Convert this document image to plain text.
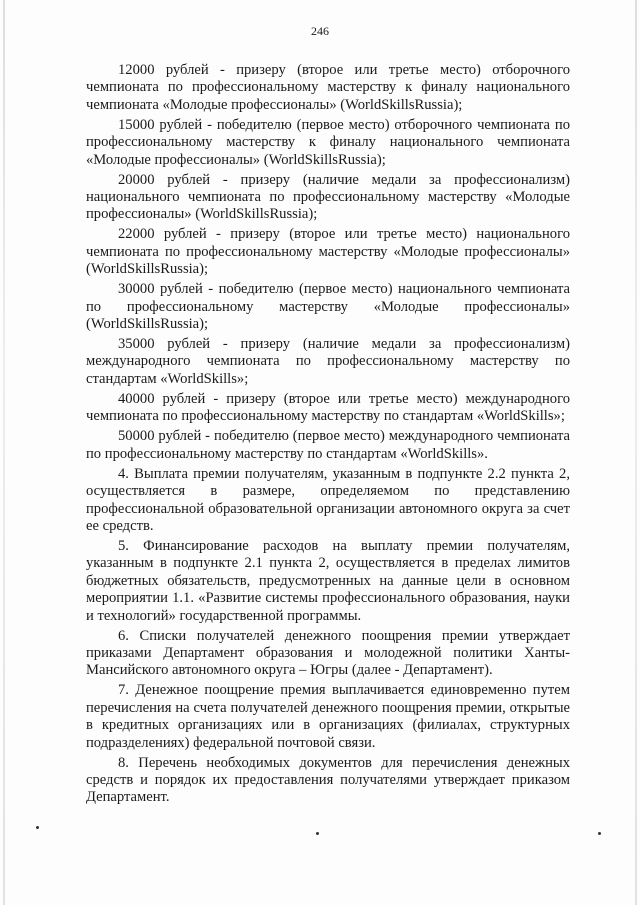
246

12000 рублей - призеру (второе или третье место) отборочного чемпионата по профессиональному мастерству к финалу национального чемпионата «Молодые профессионалы» (WorldSkillsRussia);

15000 рублей - победителю (первое место) отборочного чемпионата по профессиональному мастерству к финалу национального чемпионата «Молодые профессионалы» (WorldSkillsRussia);

20000 рублей - призеру (наличие медали за профессионализм) национального чемпионата по профессиональному мастерству «Молодые профессионалы» (WorldSkillsRussia);

22000 рублей - призеру (второе или третье место) национального чемпионата по профессиональному мастерству «Молодые профессионалы» (WorldSkillsRussia);

30000 рублей - победителю (первое место) национального чемпионата по профессиональному мастерству «Молодые профессионалы» (WorldSkillsRussia);

35000 рублей - призеру (наличие медали за профессионализм) международного чемпионата по профессиональному мастерству по стандартам «WorldSkills»;

40000 рублей - призеру (второе или третье место) международного чемпионата по профессиональному мастерству по стандартам «WorldSkills»;

50000 рублей - победителю (первое место) международного чемпионата по профессиональному мастерству по стандартам «WorldSkills».

4. Выплата премии получателям, указанным в подпункте 2.2 пункта 2, осуществляется в размере, определяемом по представлению профессиональной образовательной организации автономного округа за счет ее средств.

5. Финансирование расходов на выплату премии получателям, указанным в подпункте 2.1 пункта 2, осуществляется в пределах лимитов бюджетных обязательств, предусмотренных на данные цели в основном мероприятии 1.1. «Развитие системы профессионального образования, науки и технологий» государственной программы.

6. Списки получателей денежного поощрения премии утверждает приказами Департамент образования и молодежной политики Ханты-Мансийского автономного округа – Югры (далее - Департамент).

7. Денежное поощрение премия выплачивается единовременно путем перечисления на счета получателей денежного поощрения премии, открытые в кредитных организациях или в организациях (филиалах, структурных подразделениях) федеральной почтовой связи.

8. Перечень необходимых документов для перечисления денежных средств и порядок их предоставления получателями утверждает приказом Департамент.
